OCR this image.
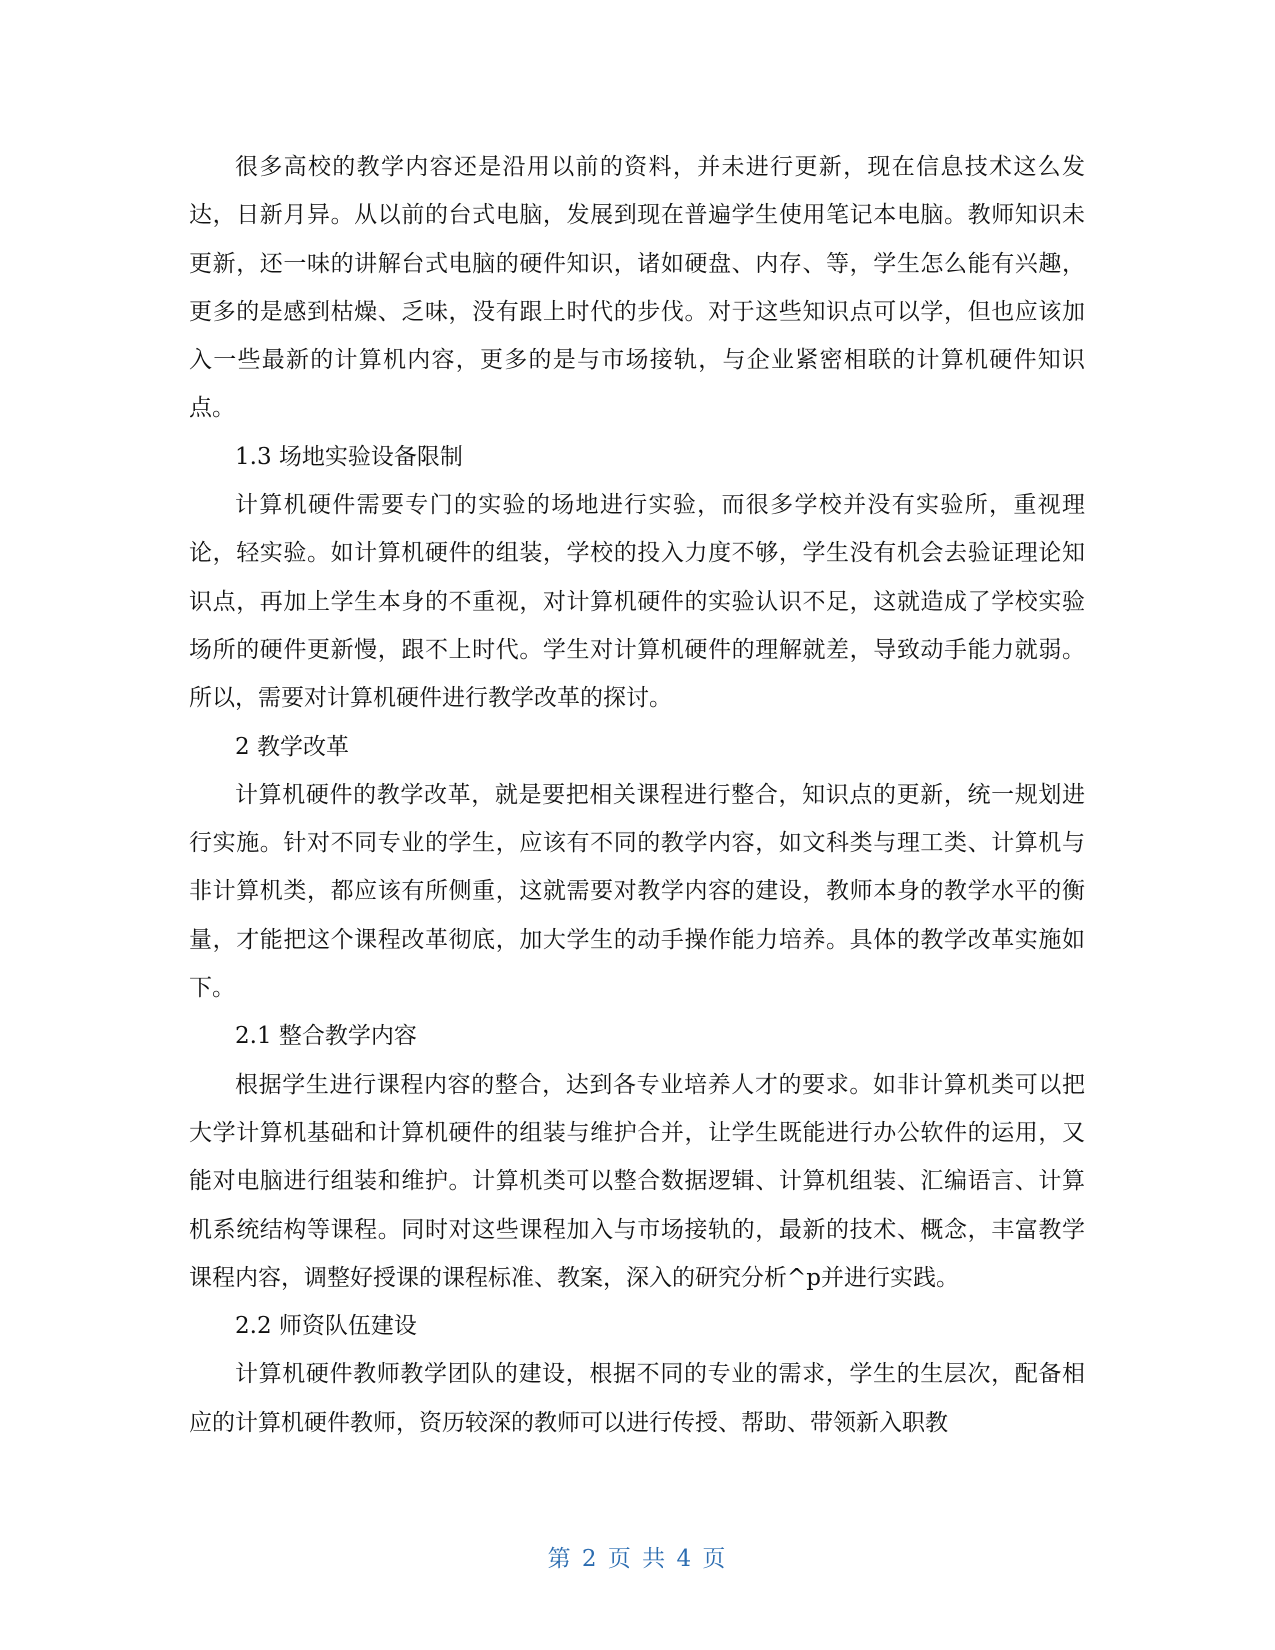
很多高校的教学内容还是沿用以前的资料，并未进行更新，现在信息技术这么发达，日新月异。从以前的台式电脑，发展到现在普遍学生使用笔记本电脑。教师知识未更新，还一味的讲解台式电脑的硬件知识，诸如硬盘、内存、等，学生怎么能有兴趣，更多的是感到枯燥、乏味，没有跟上时代的步伐。对于这些知识点可以学，但也应该加入一些最新的计算机内容，更多的是与市场接轨，与企业紧密相联的计算机硬件知识点。

1.3 场地实验设备限制

计算机硬件需要专门的实验的场地进行实验，而很多学校并没有实验所，重视理论，轻实验。如计算机硬件的组装，学校的投入力度不够，学生没有机会去验证理论知识点，再加上学生本身的不重视，对计算机硬件的实验认识不足，这就造成了学校实验场所的硬件更新慢，跟不上时代。学生对计算机硬件的理解就差，导致动手能力就弱。所以，需要对计算机硬件进行教学改革的探讨。

2 教学改革

计算机硬件的教学改革，就是要把相关课程进行整合，知识点的更新，统一规划进行实施。针对不同专业的学生，应该有不同的教学内容，如文科类与理工类、计算机与非计算机类，都应该有所侧重，这就需要对教学内容的建设，教师本身的教学水平的衡量，才能把这个课程改革彻底，加大学生的动手操作能力培养。具体的教学改革实施如下。

2.1 整合教学内容

根据学生进行课程内容的整合，达到各专业培养人才的要求。如非计算机类可以把大学计算机基础和计算机硬件的组装与维护合并，让学生既能进行办公软件的运用，又能对电脑进行组装和维护。计算机类可以整合数据逻辑、计算机组装、汇编语言、计算机系统结构等课程。同时对这些课程加入与市场接轨的，最新的技术、概念，丰富教学课程内容，调整好授课的课程标准、教案，深入的研究分析^p并进行实践。

2.2 师资队伍建设

计算机硬件教师教学团队的建设，根据不同的专业的需求，学生的生层次，配备相应的计算机硬件教师，资历较深的教师可以进行传授、帮助、带领新入职教

第 2 页 共 4 页
